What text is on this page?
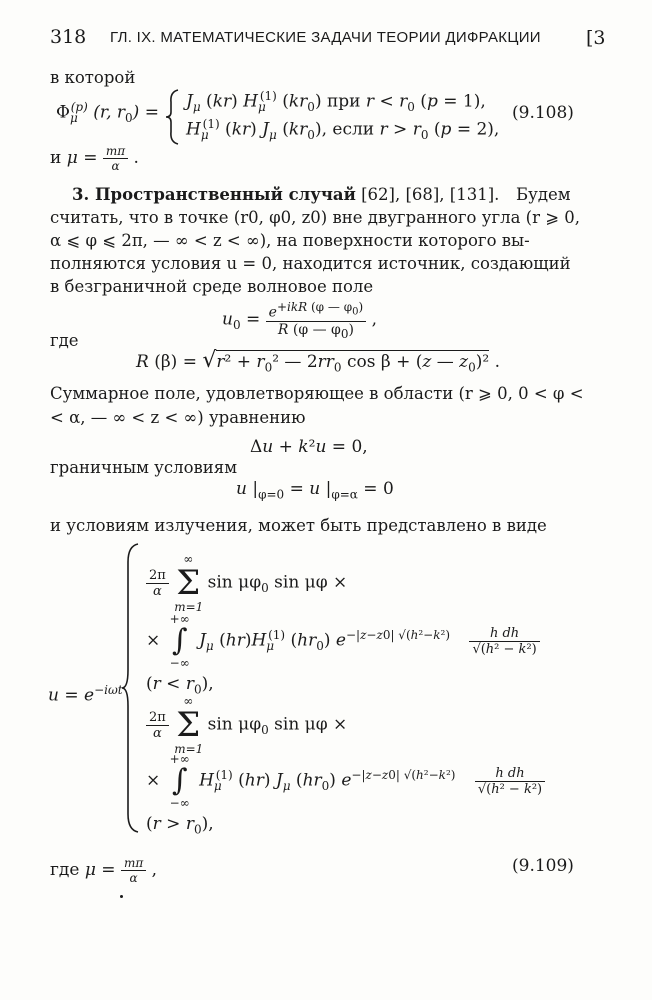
318 ГЛ. IX. МАТЕМАТИЧЕСКИЕ ЗАДАЧИ ТЕОРИИ ДИФРАКЦИИ [3
в которой
$\Phi_\mu^{(p)}$ (r, $r_0$) =
$J_\mu$ (kr) $H_\mu^{(1)}$ $(kr_0)$ при $r < r_0$ (p = 1),
$H_\mu^{(1)}$ (kr) $J_\mu$ $(kr_0)$, если $r > r_0$ (p = 2),
(9.108)
и $\mu = \frac{m\pi}{\alpha}$ .
3. Пространственный случай [62], [68], [131]. Будем
считать, что в точке (r0, φ0, z0) вне двугранного угла (r ⩾ 0,
α ⩽ φ ⩽ 2π, — ∞ < z < ∞), на поверхности которого вы-
полняются условия u = 0, находится источник, создающий
в безграничной среде волновое поле
$u_0 = \frac{e^{+ikR (\varphi — \varphi_0)}}{R (\varphi — \varphi_0)}$ ,
где
R $(\beta) = √r^2 + r_0^2$ — $2rr_0$ cos β + (z — $z_0)^2$ .
Суммарное поле, удовлетворяющее в области (r ⩾ 0, 0 < φ <
< α, — ∞ < z < ∞) уравнению
Δu + k²u = 0,
граничным условиям
u $|_{\varphi=0} = u$ $|_{\varphi=\alpha} = 0$
и условиям излучения, может быть представлено в виде
$u = e^{-i\omega t}$
$\frac{2\pi}{\alpha}$

∞
Σ
m=1
$\sin \mu\varphi_0$ sin μφ ×
×
+∞
∫
−∞
$J_\mu$ $(hr)H_\mu^{(1)}$ $(hr_0)$ $e^{-|z-z0| √(h^2-k^2)} \frac{\text{h dh}}{\text{√(h² − k²)}}$
$(r < r_0)$,
$\frac{2\pi}{\alpha}$

∞
Σ
m=1
$\sin \mu\varphi_0$ sin μφ ×
×
+∞
∫
−∞
$H_\mu^{(1)}$ (hr) $J_\mu$ $(hr_0)$ $e^{-|z-z0| √(h^2-k^2)} \frac{\text{h dh}}{\text{√(h² − k²)}}$
$(r > r_0)$,
где $\mu = \frac{m\pi}{\alpha}$ ,	(9.109)
